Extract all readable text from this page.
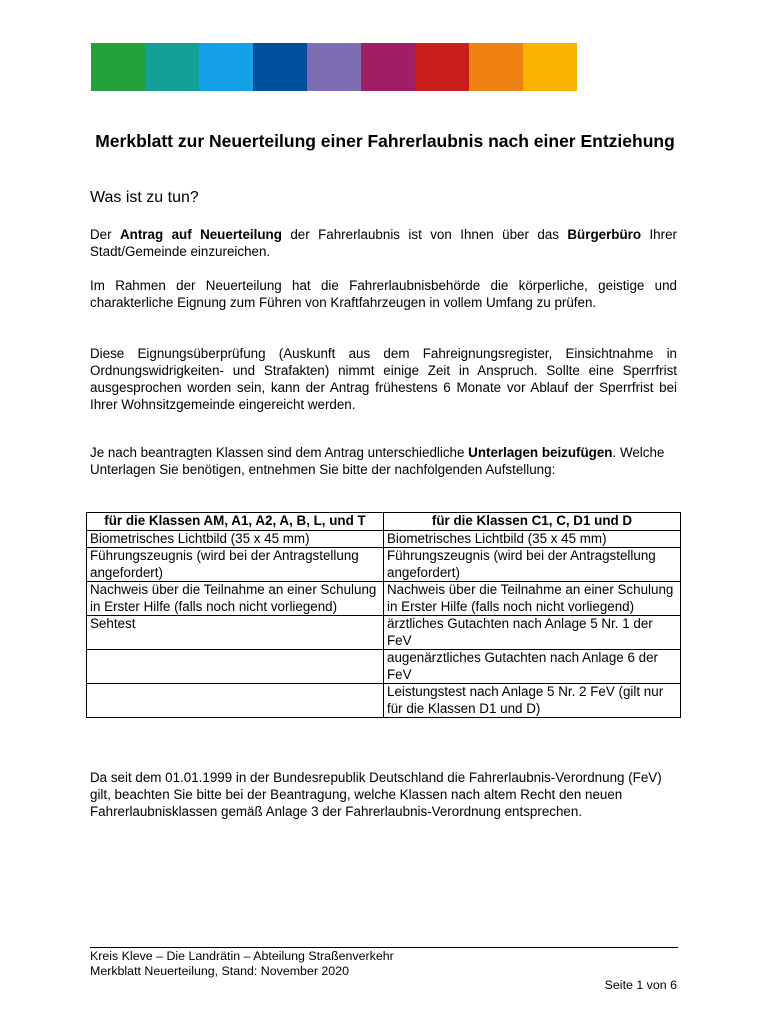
Merkblatt zur Neuerteilung einer Fahrerlaubnis nach einer Entziehung
Was ist zu tun?

Der Antrag auf Neuerteilung der Fahrerlaubnis ist von Ihnen über das Bürgerbüro Ihrer Stadt/Gemeinde einzureichen.

Im Rahmen der Neuerteilung hat die Fahrerlaubnisbehörde die körperliche, geistige und charakterliche Eignung zum Führen von Kraftfahrzeugen in vollem Umfang zu prüfen.

Diese Eignungsüberprüfung (Auskunft aus dem Fahreignungsregister, Einsichtnahme in Ordnungswidrigkeiten- und Strafakten) nimmt einige Zeit in Anspruch. Sollte eine Sperrfrist ausgesprochen worden sein, kann der Antrag frühestens 6 Monate vor Ablauf der Sperrfrist bei Ihrer Wohnsitzgemeinde eingereicht werden.

Je nach beantragten Klassen sind dem Antrag unterschiedliche Unterlagen beizufügen. Welche Unterlagen Sie benötigen, entnehmen Sie bitte der nachfolgenden Aufstellung:

für die Klassen AM, A1, A2, A, B, L, und T	für die Klassen C1, C, D1 und D
Biometrisches Lichtbild (35 x 45 mm)	Biometrisches Lichtbild (35 x 45 mm)
Führungszeugnis (wird bei der Antragstellung angefordert)	Führungszeugnis (wird bei der Antragstellung angefordert)
Nachweis über die Teilnahme an einer Schulung in Erster Hilfe (falls noch nicht vorliegend)	Nachweis über die Teilnahme an einer Schulung in Erster Hilfe (falls noch nicht vorliegend)
Sehtest	ärztliches Gutachten nach Anlage 5 Nr. 1 der FeV
	augenärztliches Gutachten nach Anlage 6 der FeV
	Leistungstest nach Anlage 5 Nr. 2 FeV (gilt nur für die Klassen D1 und D)

Da seit dem 01.01.1999 in der Bundesrepublik Deutschland die Fahrerlaubnis-Verordnung (FeV) gilt, beachten Sie bitte bei der Beantragung, welche Klassen nach altem Recht den neuen Fahrerlaubnisklassen gemäß Anlage 3 der Fahrerlaubnis-Verordnung entsprechen.

Kreis Kleve – Die Landrätin – Abteilung Straßenverkehr
Merkblatt Neuerteilung, Stand: November 2020
Seite 1 von 6
